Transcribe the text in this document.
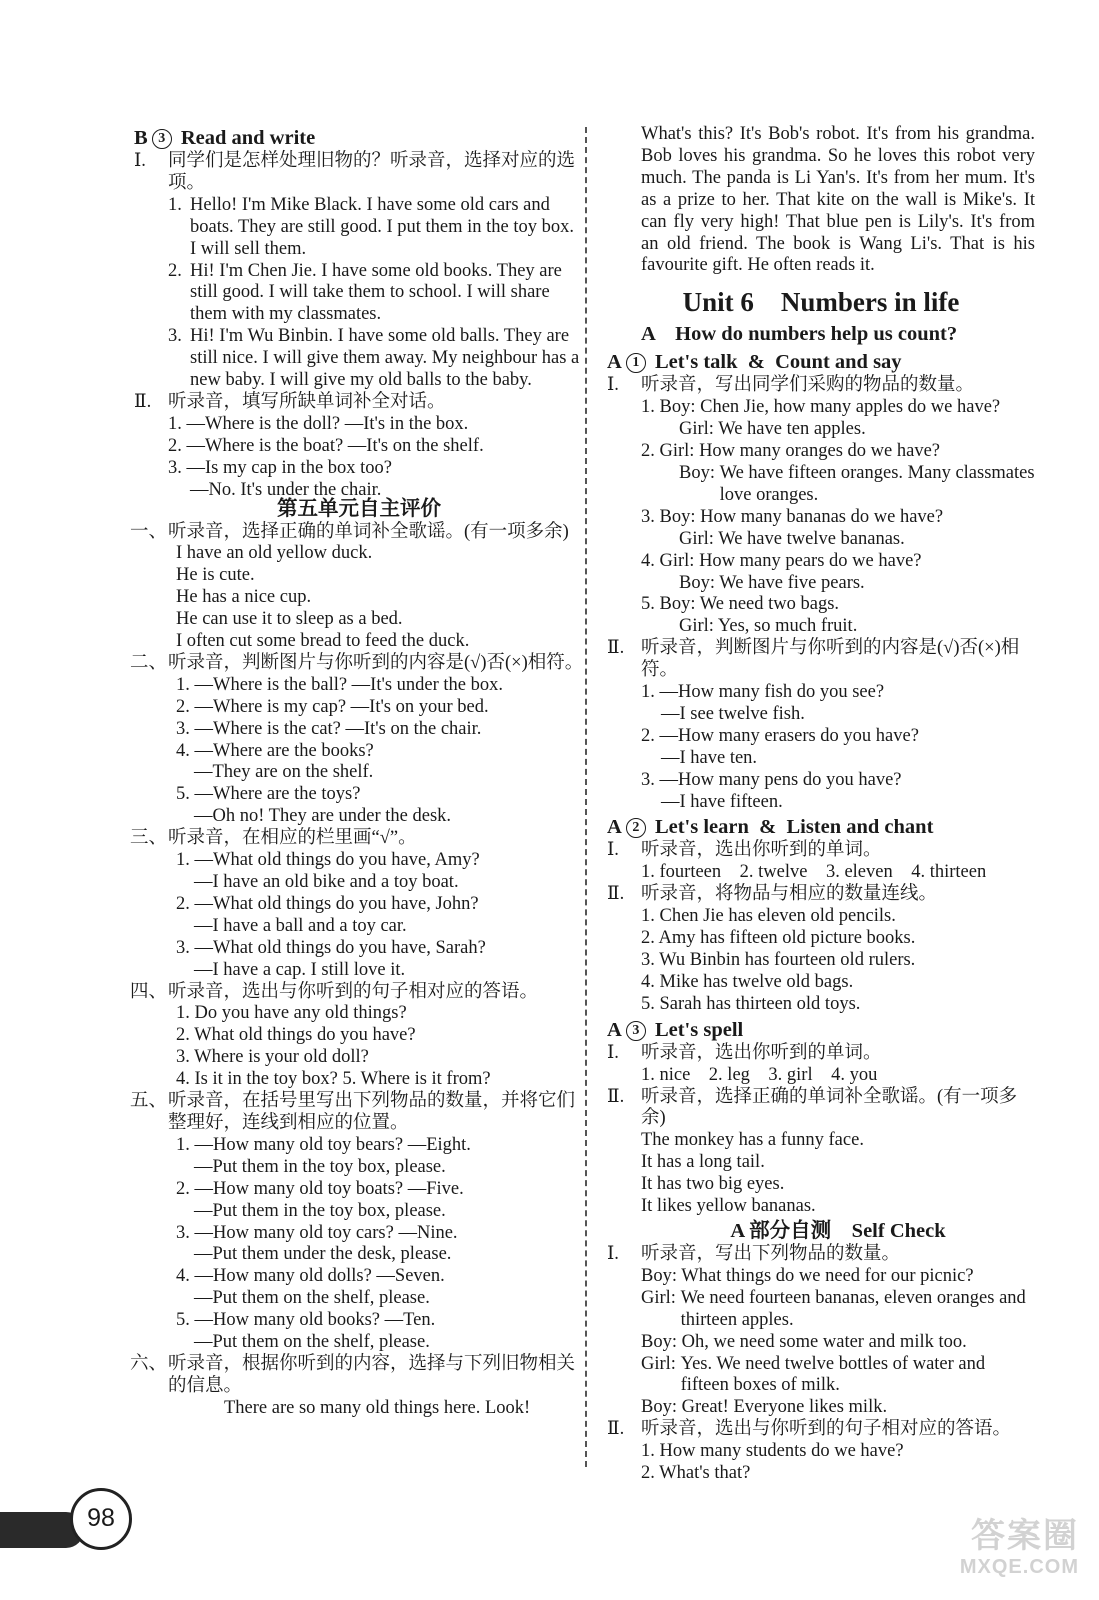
98
B 3 Read and write
Ⅰ.	同学们是怎样处理旧物的？听录音，选择对应的选项。
1. Hello! I'm Mike Black. I have some old cars and boats. They are still good. I put them in the toy box. I will sell them.
2. Hi! I'm Chen Jie. I have some old books. They are still good. I will take them to school. I will share them with my classmates.
3. Hi! I'm Wu Binbin. I have some old balls. They are still nice. I will give them away. My neighbour has a new baby. I will give my old balls to the baby.
Ⅱ. 听录音，填写所缺单词补全对话。
1. —Where is the doll? —It's in the box.
2. —Where is the boat? —It's on the shelf.
3. —Is my cap in the box too?
—No. It's under the chair.
第五单元自主评价
一、 听录音，选择正确的单词补全歌谣。(有一项多余)
I have an old yellow duck.
He is cute.
He has a nice cup.
He can use it to sleep as a bed.
I often cut some bread to feed the duck.
二、 听录音，判断图片与你听到的内容是(√)否(×)相符。
1. —Where is the ball? —It's under the box.
2. —Where is my cap? —It's on your bed.
3. —Where is the cat? —It's on the chair.
4. —Where are the books?
—They are on the shelf.
5. —Where are the toys?
—Oh no! They are under the desk.
三、 听录音，在相应的栏里画“√”。
1. —What old things do you have, Amy?
—I have an old bike and a toy boat.
2. —What old things do you have, John?
—I have a ball and a toy car.
3. —What old things do you have, Sarah?
—I have a cap. I still love it.
四、 听录音，选出与你听到的句子相对应的答语。
1. Do you have any old things?
2. What old things do you have?
3. Where is your old doll?
4. Is it in the toy box? 5. Where is it from?
五、 听录音，在括号里写出下列物品的数量，并将它们整理好，连线到相应的位置。
1. —How many old toy bears? —Eight.
—Put them in the toy box, please.
2. —How many old toy boats? —Five.
—Put them in the toy box, please.
3. —How many old toy cars? —Nine.
—Put them under the desk, please.
4. —How many old dolls? —Seven.
—Put them on the shelf, please.
5. —How many old books? —Ten.
—Put them on the shelf, please.
六、 听录音，根据你听到的内容，选择与下列旧物相关的信息。
There are so many old things here. Look!
What's this? It's Bob's robot. It's from his grandma. Bob loves his grandma. So he loves this robot very much. The panda is Li Yan's. It's from her mum. It's as a prize to her. That kite on the wall is Mike's. It can fly very high! That blue pen is Lily's. It's from an old friend. The book is Wang Li's. That is his favourite gift. He often reads it.
Unit 6    Numbers in life
A    How do numbers help us count?
A 1 Let's talk  &  Count and say
Ⅰ.	听录音，写出同学们采购的物品的数量。
1. Boy: Chen Jie, how many apples do we have?
Girl: We have ten apples.
2. Girl: How many oranges do we have?
Boy: We have fifteen oranges. Many classmates love oranges.
3. Boy: How many bananas do we have?
Girl: We have twelve bananas.
4. Girl: How many pears do we have?
Boy: We have five pears.
5. Boy: We need two bags.
Girl: Yes, so much fruit.
Ⅱ. 听录音，判断图片与你听到的内容是(√)否(×)相符。
1. —How many fish do you see?
—I see twelve fish.
2. —How many erasers do you have?
—I have ten.
3. —How many pens do you have?
—I have fifteen.
A 2 Let's learn  &  Listen and chant
Ⅰ.	听录音，选出你听到的单词。
1. fourteen    2. twelve    3. eleven    4. thirteen
Ⅱ. 听录音，将物品与相应的数量连线。
1. Chen Jie has eleven old pencils.
2. Amy has fifteen old picture books.
3. Wu Binbin has fourteen old rulers.
4. Mike has twelve old bags.
5. Sarah has thirteen old toys.
A 3 Let's spell
Ⅰ.	听录音，选出你听到的单词。
1. nice    2. leg    3. girl    4. you
Ⅱ. 听录音，选择正确的单词补全歌谣。(有一项多余)
The monkey has a funny face.
It has a long tail.
It has two big eyes.
It likes yellow bananas.
A 部分自测    Self Check
Ⅰ.	听录音，写出下列物品的数量。
Boy: What things do we need for our picnic?
Girl: We need fourteen bananas, eleven oranges and thirteen apples.
Boy: Oh, we need some water and milk too.
Girl: Yes. We need twelve bottles of water and fifteen boxes of milk.
Boy: Great! Everyone likes milk.
Ⅱ. 听录音，选出与你听到的句子相对应的答语。
1. How many students do we have?
2. What's that?
答案圈
MXQE.COM
